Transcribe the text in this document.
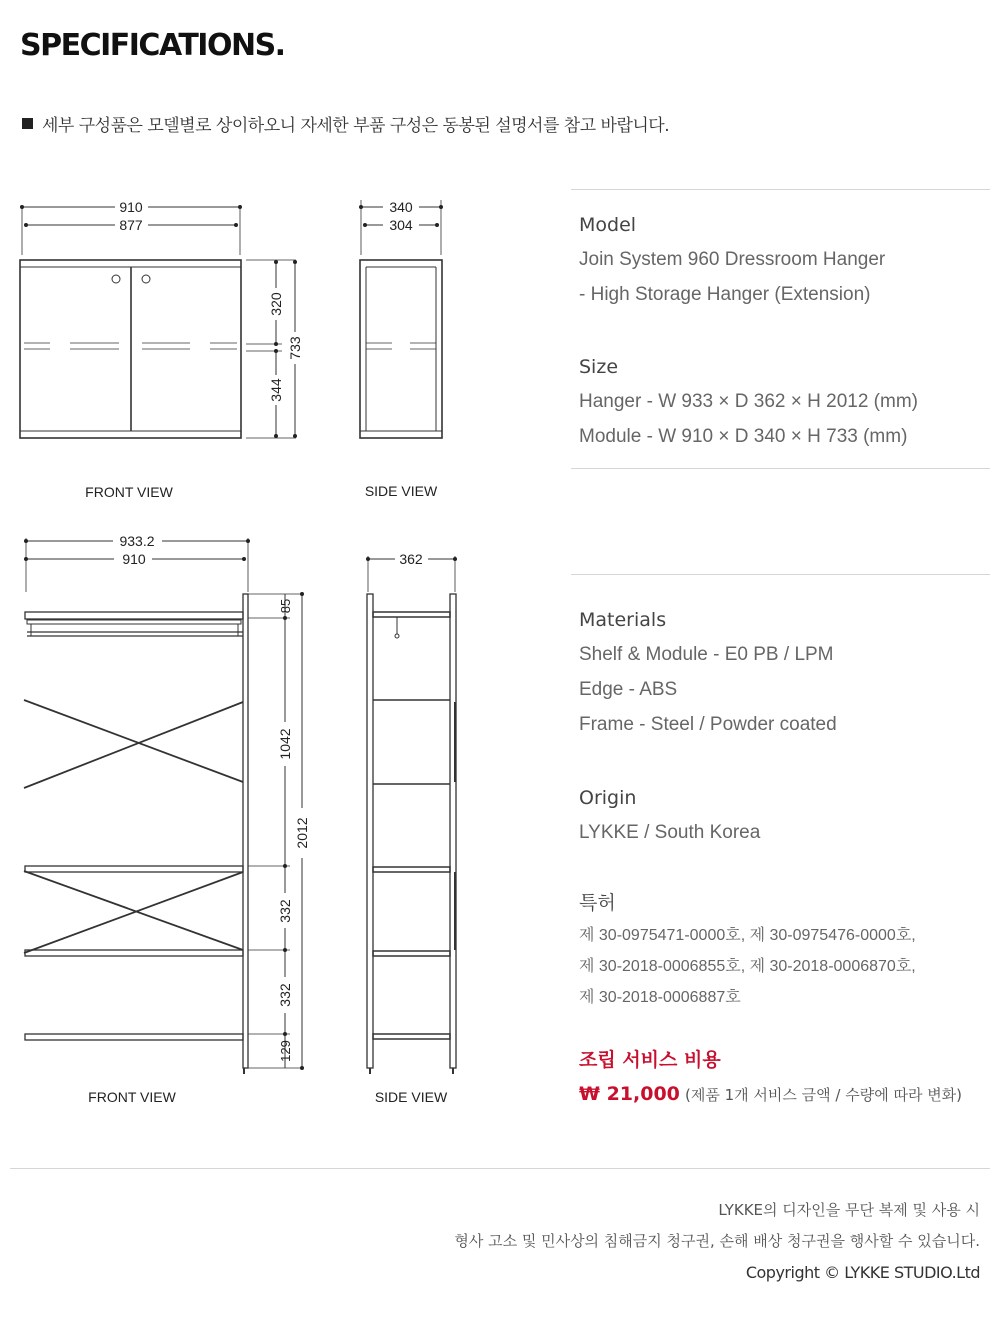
SPECIFICATIONS.
세부 구성품은 모델별로 상이하오니 자세한 부품 구성은 동봉된 설명서를 참고 바랍니다.
910
877
320
344
733
FRONT VIEW
340
304
SIDE VIEW
933.2
910
85
1042
332
332
129
2012
FRONT VIEW
362
SIDE VIEW

Model

Join System 960 Dressroom Hanger

- High Storage Hanger (Extension)

Size

Hanger - W 933 × D 362 × H 2012 (mm)

Module - W 910 × D 340 × H 733 (mm)

Materials

Shelf & Module - E0 PB / LPM

Edge - ABS

Frame - Steel / Powder coated

Origin

LYKKE / South Korea

특허

제 30-0975471-0000호, 제 30-0975476-0000호,

제 30-2018-0006855호, 제 30-2018-0006870호,

제 30-2018-0006887호

조립 서비스 비용

₩ 21,000 (제품 1개 서비스 금액 / 수량에 따라 변화)

LYKKE의 디자인을 무단 복제 및 사용 시
형사 고소 및 민사상의 침해금지 청구권, 손해 배상 청구권을 행사할 수 있습니다.
Copyright © LYKKE STUDIO.Ltd
